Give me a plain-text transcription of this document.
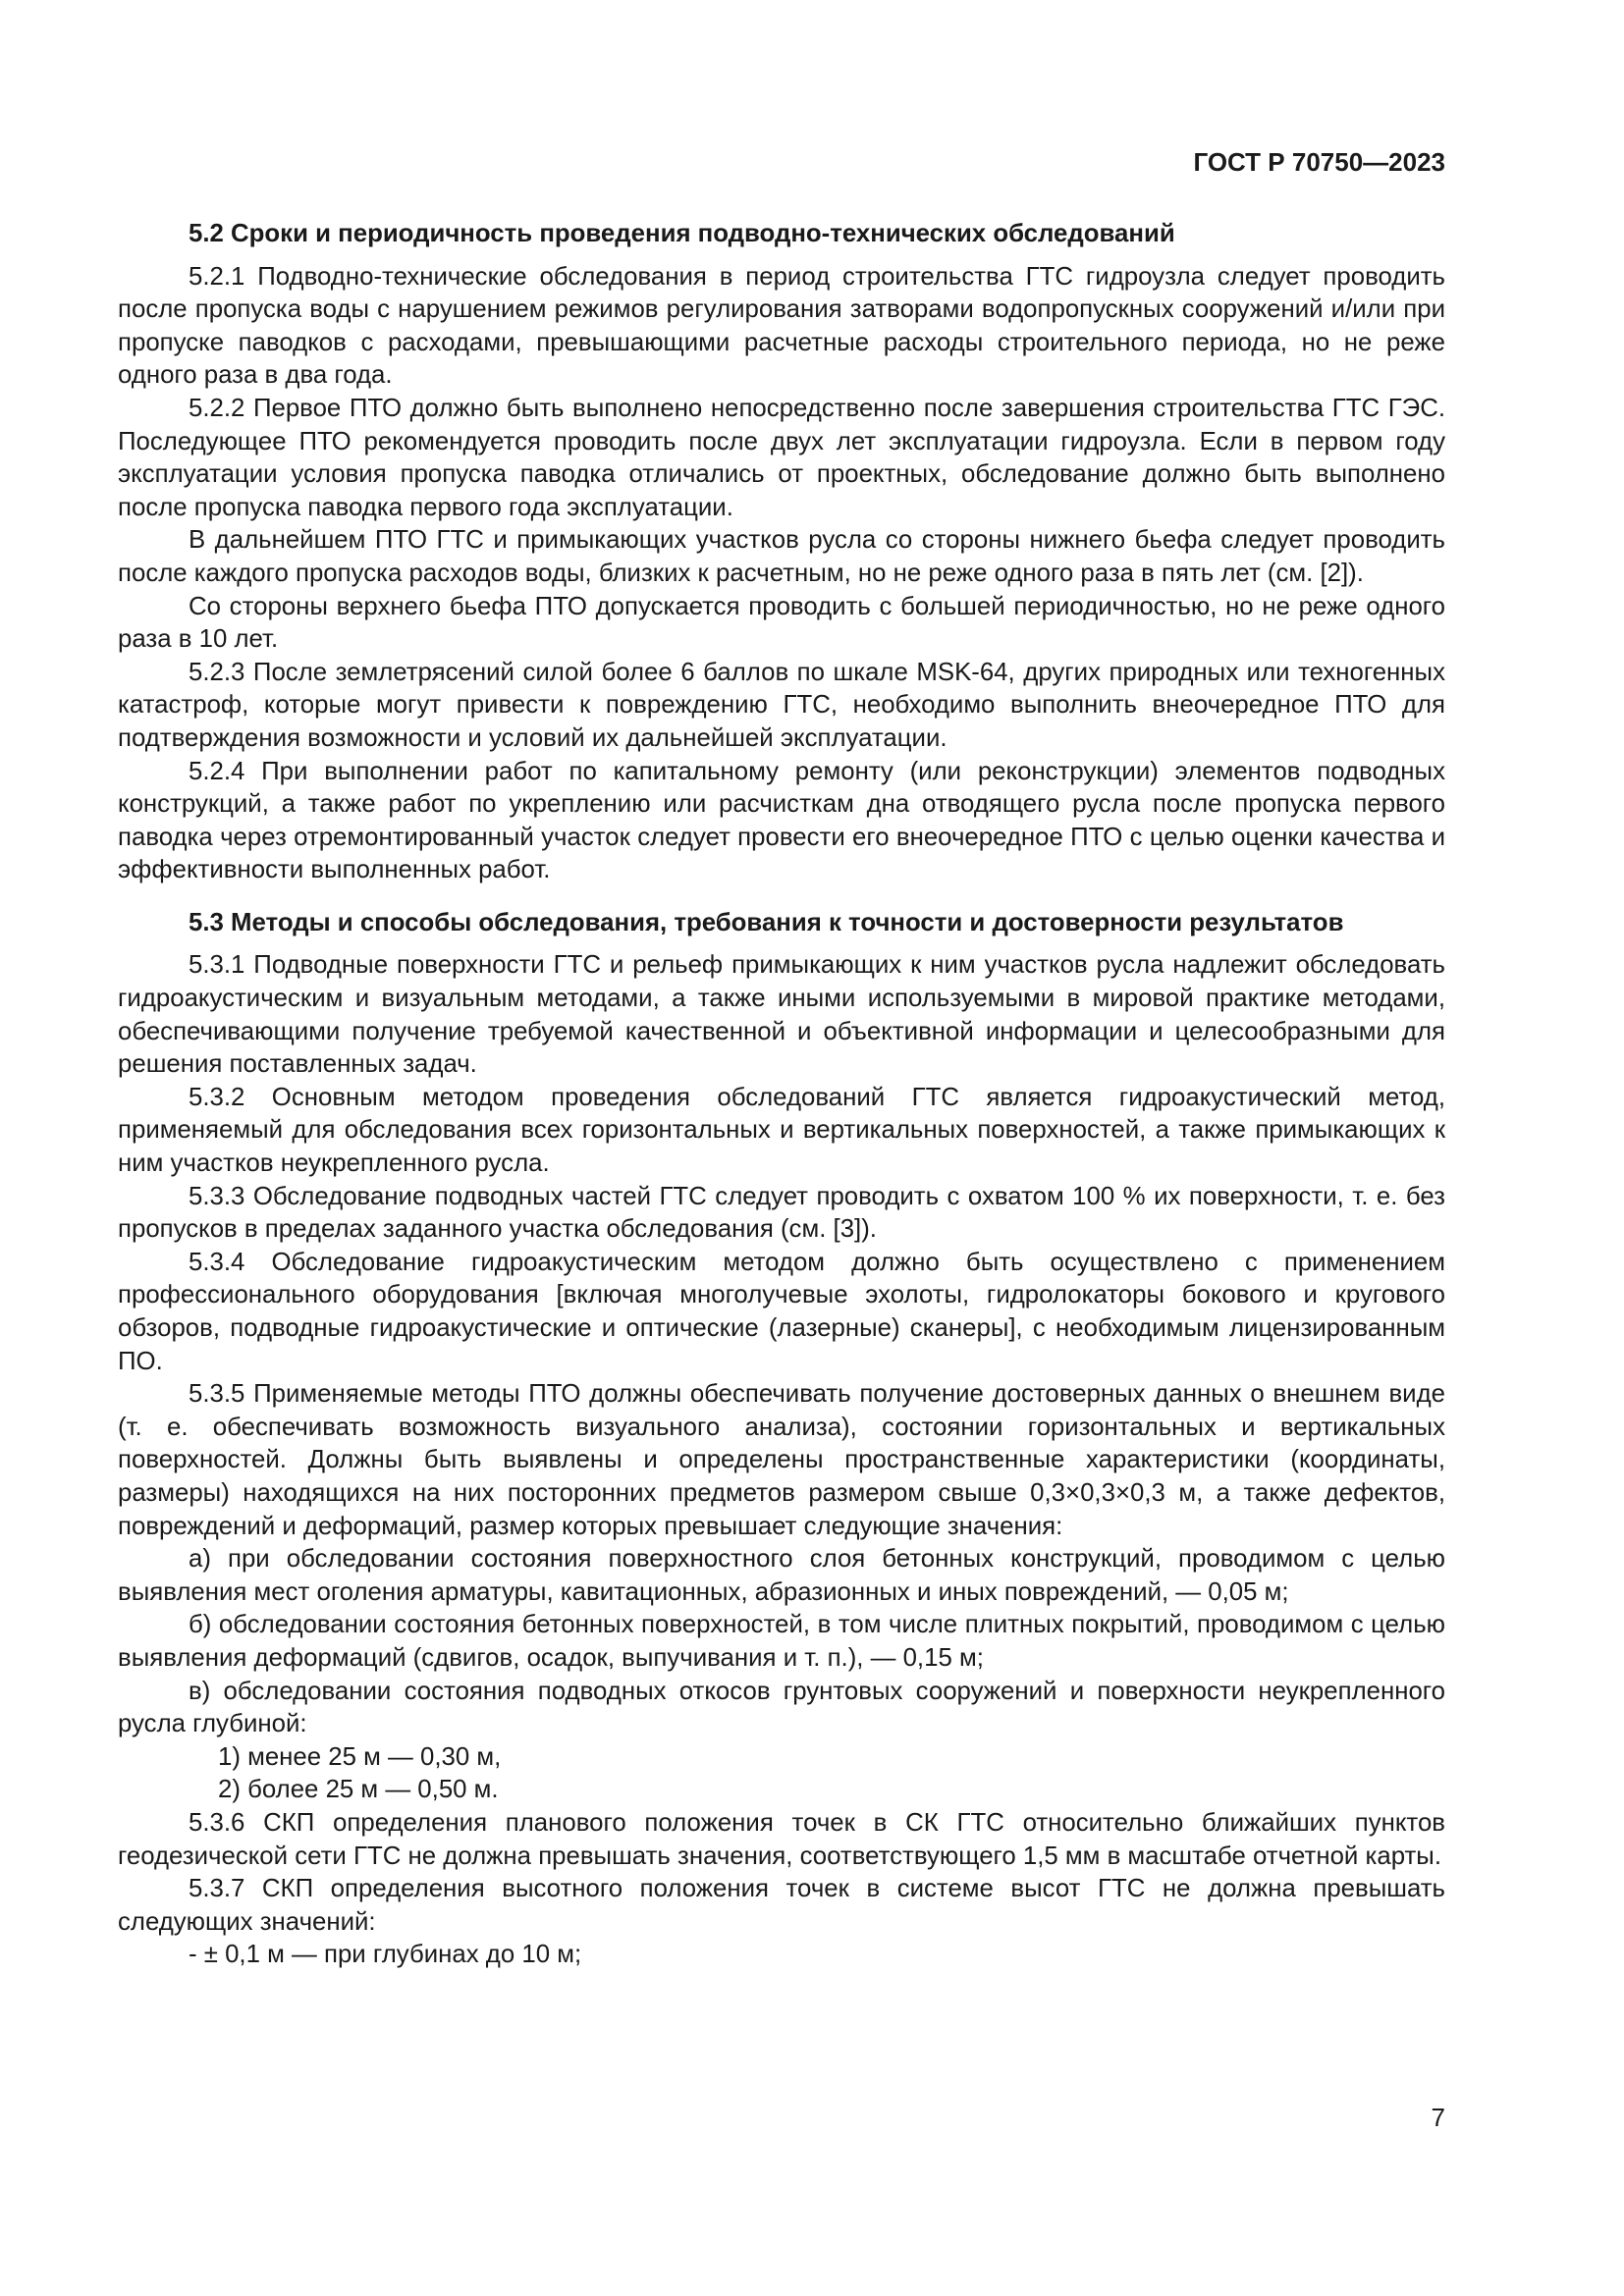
ГОСТ Р 70750—2023

5.2 Сроки и периодичность проведения подводно-технических обследований

5.2.1 Подводно-технические обследования в период строительства ГТС гидроузла следует проводить после пропуска воды с нарушением режимов регулирования затворами водопропускных сооружений и/или при пропуске паводков с расходами, превышающими расчетные расходы строительного периода, но не реже одного раза в два года.

5.2.2 Первое ПТО должно быть выполнено непосредственно после завершения строительства ГТС ГЭС. Последующее ПТО рекомендуется проводить после двух лет эксплуатации гидроузла. Если в первом году эксплуатации условия пропуска паводка отличались от проектных, обследование должно быть выполнено после пропуска паводка первого года эксплуатации.

В дальнейшем ПТО ГТС и примыкающих участков русла со стороны нижнего бьефа следует проводить после каждого пропуска расходов воды, близких к расчетным, но не реже одного раза в пять лет (см. [2]).

Со стороны верхнего бьефа ПТО допускается проводить с большей периодичностью, но не реже одного раза в 10 лет.

5.2.3 После землетрясений силой более 6 баллов по шкале MSK-64, других природных или техногенных катастроф, которые могут привести к повреждению ГТС, необходимо выполнить внеочередное ПТО для подтверждения возможности и условий их дальнейшей эксплуатации.

5.2.4 При выполнении работ по капитальному ремонту (или реконструкции) элементов подводных конструкций, а также работ по укреплению или расчисткам дна отводящего русла после пропуска первого паводка через отремонтированный участок следует провести его внеочередное ПТО с целью оценки качества и эффективности выполненных работ.

5.3 Методы и способы обследования, требования к точности и достоверности результатов

5.3.1 Подводные поверхности ГТС и рельеф примыкающих к ним участков русла надлежит обследовать гидроакустическим и визуальным методами, а также иными используемыми в мировой практике методами, обеспечивающими получение требуемой качественной и объективной информации и целесообразными для решения поставленных задач.

5.3.2 Основным методом проведения обследований ГТС является гидроакустический метод, применяемый для обследования всех горизонтальных и вертикальных поверхностей, а также примыкающих к ним участков неукрепленного русла.

5.3.3 Обследование подводных частей ГТС следует проводить с охватом 100 % их поверхности, т. е. без пропусков в пределах заданного участка обследования (см. [3]).

5.3.4 Обследование гидроакустическим методом должно быть осуществлено с применением профессионального оборудования [включая многолучевые эхолоты, гидролокаторы бокового и кругового обзоров, подводные гидроакустические и оптические (лазерные) сканеры], с необходимым лицензированным ПО.

5.3.5 Применяемые методы ПТО должны обеспечивать получение достоверных данных о внешнем виде (т. е. обеспечивать возможность визуального анализа), состоянии горизонтальных и вертикальных поверхностей. Должны быть выявлены и определены пространственные характеристики (координаты, размеры) находящихся на них посторонних предметов размером свыше 0,3×0,3×0,3 м, а также дефектов, повреждений и деформаций, размер которых превышает следующие значения:

а) при обследовании состояния поверхностного слоя бетонных конструкций, проводимом с целью выявления мест оголения арматуры, кавитационных, абразионных и иных повреждений, — 0,05 м;

б) обследовании состояния бетонных поверхностей, в том числе плитных покрытий, проводимом с целью выявления деформаций (сдвигов, осадок, выпучивания и т. п.), — 0,15 м;

в) обследовании состояния подводных откосов грунтовых сооружений и поверхности неукрепленного русла глубиной:

1) менее 25 м — 0,30 м,

2) более 25 м — 0,50 м.

5.3.6 СКП определения планового положения точек в СК ГТС относительно ближайших пунктов геодезической сети ГТС не должна превышать значения, соответствующего 1,5 мм в масштабе отчетной карты.

5.3.7 СКП определения высотного положения точек в системе высот ГТС не должна превышать следующих значений:

- ± 0,1 м — при глубинах до 10 м;

7
